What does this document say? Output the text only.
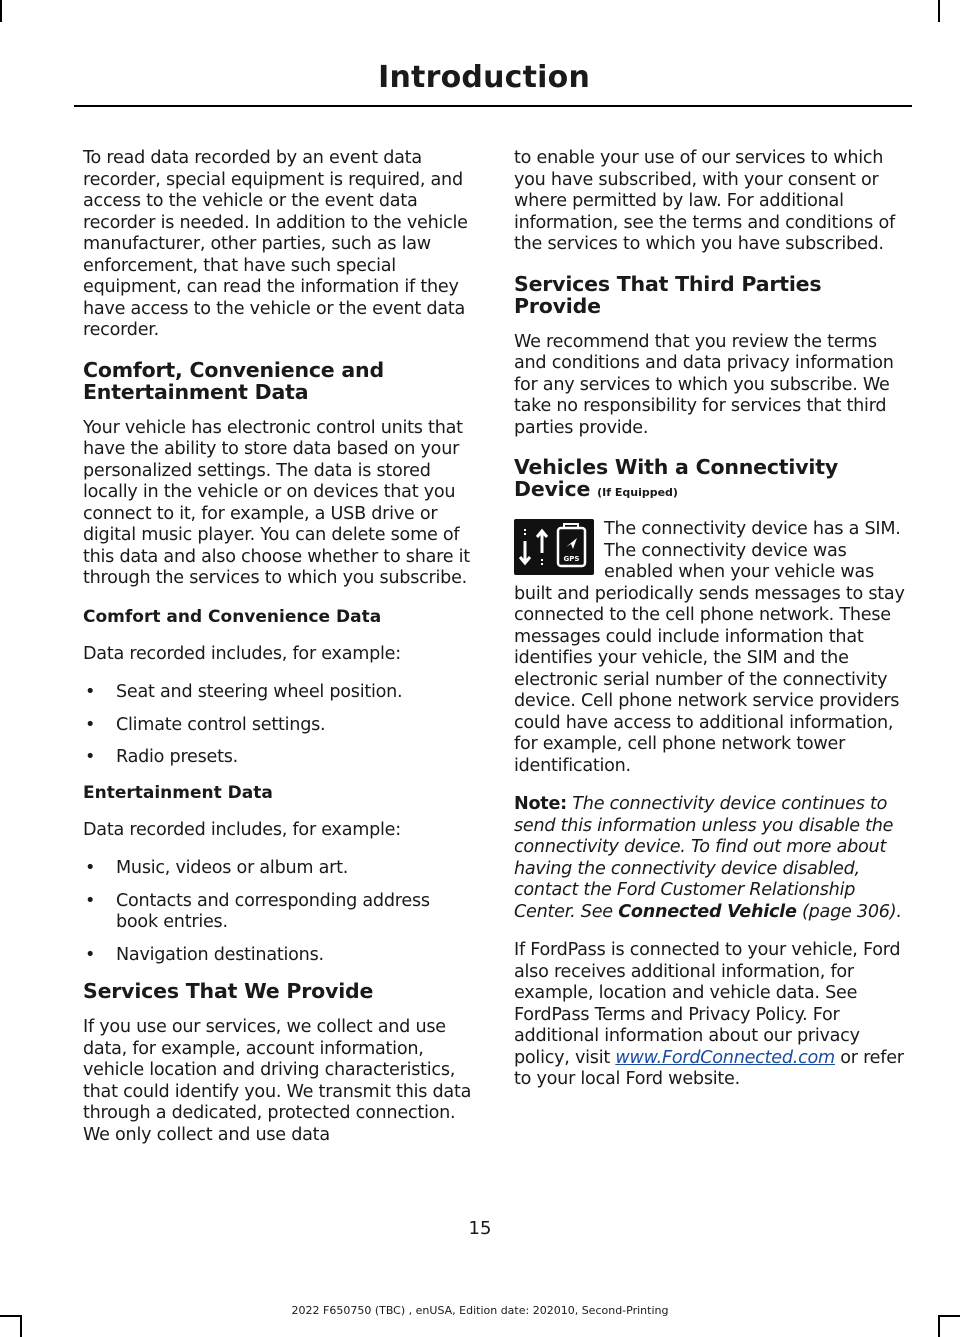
Introduction

To read data recorded by an event data recorder, special equipment is required, and access to the vehicle or the event data recorder is needed. In addition to the vehicle manufacturer, other parties, such as law enforcement, that have such special equipment, can read the information if they have access to the vehicle or the event data recorder.

Comfort, Convenience and Entertainment Data

Your vehicle has electronic control units that have the ability to store data based on your personalized settings. The data is stored locally in the vehicle or on devices that you connect to it, for example, a USB drive or digital music player. You can delete some of this data and also choose whether to share it through the services to which you subscribe.

Comfort and Convenience Data

Data recorded includes, for example:

• Seat and steering wheel position.
• Climate control settings.
• Radio presets.
Entertainment Data

Data recorded includes, for example:

• Music, videos or album art.
• Contacts and corresponding address book entries.
• Navigation destinations.
Services That We Provide

If you use our services, we collect and use data, for example, account information, vehicle location and driving characteristics, that could identify you. We transmit this data through a dedicated, protected connection. We only collect and use data

to enable your use of our services to which you have subscribed, with your consent or where permitted by law. For additional information, see the terms and conditions of the services to which you have subscribed.

Services That Third Parties Provide

We recommend that you review the terms and conditions and data privacy information for any services to which you subscribe. We take no responsibility for services that third parties provide.

Vehicles With a Connectivity Device (If Equipped)
GPS

The connectivity device has a SIM. The connectivity device was enabled when your vehicle was built and periodically sends messages to stay connected to the cell phone network. These messages could include information that identifies your vehicle, the SIM and the electronic serial number of the connectivity device. Cell phone network service providers could have access to additional information, for example, cell phone network tower identification.

Note: The connectivity device continues to send this information unless you disable the connectivity device. To find out more about having the connectivity device disabled, contact the Ford Customer Relationship Center. See Connected Vehicle (page 306).

If FordPass is connected to your vehicle, Ford also receives additional information, for example, location and vehicle data. See FordPass Terms and Privacy Policy. For additional information about our privacy policy, visit www.FordConnected.com or refer to your local Ford website.

15
2022 F650750 (TBC) , enUSA, Edition date: 202010, Second-Printing
